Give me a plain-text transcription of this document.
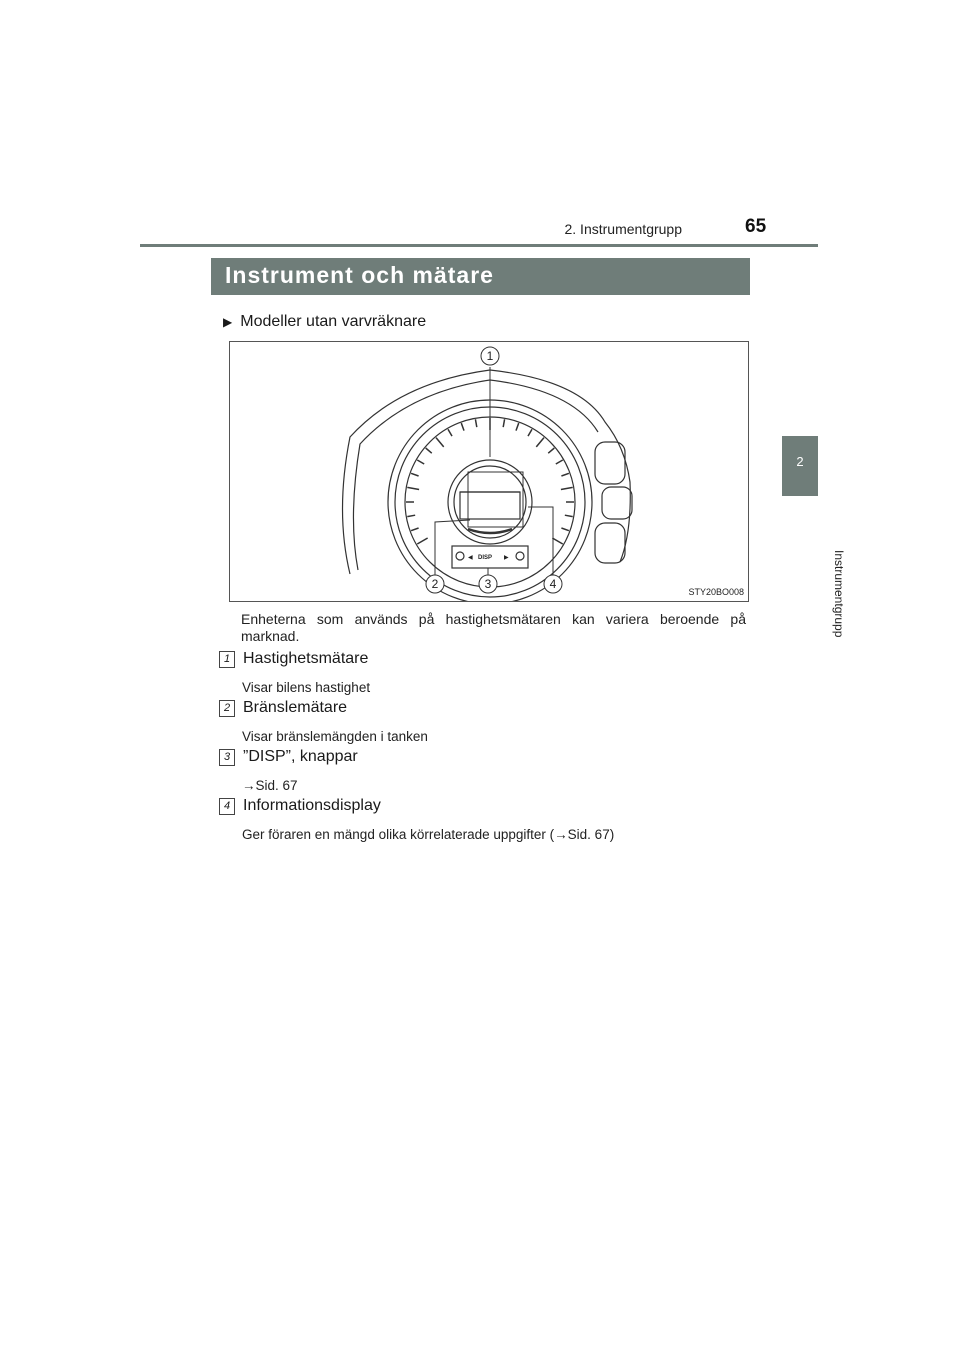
2. Instrumentgrupp	65
2
Instrumentgrupp
Instrument och mätare
▶ Modeller utan varvräknare
DISP
◀	▶
1
2	3	4
STY20BO008
Enheterna som används på hastighetsmätaren kan variera beroende på marknad.
1 Hastighetsmätare
Visar bilens hastighet
2 Bränslemätare
Visar bränslemängden i tanken
3 ”DISP”, knappar
→Sid. 67
4 Informationsdisplay
Ger föraren en mängd olika körrelaterade uppgifter (→Sid. 67)
